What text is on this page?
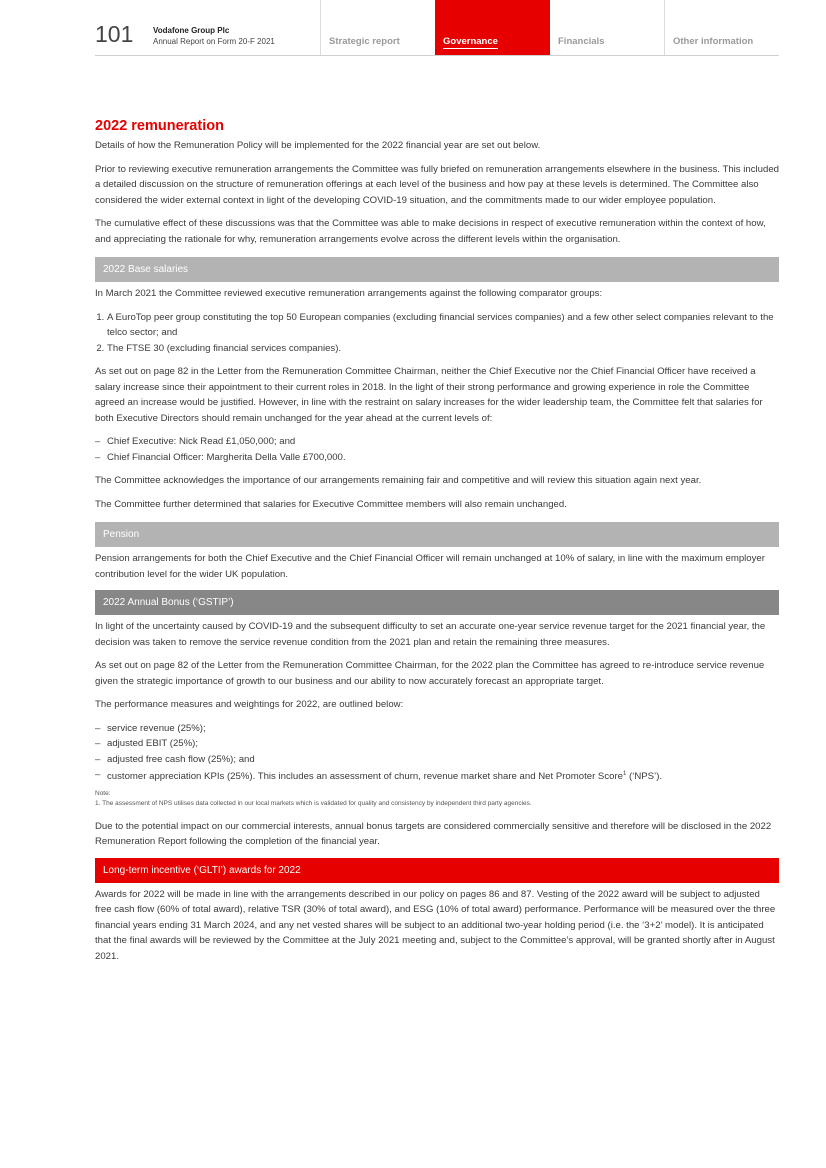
101 Vodafone Group Plc
Annual Report on Form 20-F 2021	Strategic report	Governance	Financials	Other information
2022 remuneration

Details of how the Remuneration Policy will be implemented for the 2022 financial year are set out below.

Prior to reviewing executive remuneration arrangements the Committee was fully briefed on remuneration arrangements elsewhere in the business. This included a detailed discussion on the structure of remuneration offerings at each level of the business and how pay at these levels is determined. The Committee also considered the wider external context in light of the developing COVID-19 situation, and the commitments made to our wider employee population.

The cumulative effect of these discussions was that the Committee was able to make decisions in respect of executive remuneration within the context of how, and appreciating the rationale for why, remuneration arrangements evolve across the different levels within the organisation.

2022 Base salaries

In March 2021 the Committee reviewed executive remuneration arrangements against the following comparator groups:

1. A EuroTop peer group constituting the top 50 European companies (excluding financial services companies) and a few other select companies relevant to the telco sector; and
2. The FTSE 30 (excluding financial services companies).

As set out on page 82 in the Letter from the Remuneration Committee Chairman, neither the Chief Executive nor the Chief Financial Officer have received a salary increase since their appointment to their current roles in 2018. In the light of their strong performance and growing experience in role the Committee agreed an increase would be justified. However, in line with the restraint on salary increases for the wider leadership team, the Committee felt that salaries for both Executive Directors should remain unchanged for the year ahead at the current levels of:

– Chief Executive: Nick Read £1,050,000; and
– Chief Financial Officer: Margherita Della Valle £700,000.

The Committee acknowledges the importance of our arrangements remaining fair and competitive and will review this situation again next year.

The Committee further determined that salaries for Executive Committee members will also remain unchanged.

Pension

Pension arrangements for both the Chief Executive and the Chief Financial Officer will remain unchanged at 10% of salary, in line with the maximum employer contribution level for the wider UK population.

2022 Annual Bonus (‘GSTIP’)

In light of the uncertainty caused by COVID-19 and the subsequent difficulty to set an accurate one-year service revenue target for the 2021 financial year, the decision was taken to remove the service revenue condition from the 2021 plan and retain the remaining three measures.

As set out on page 82 of the Letter from the Remuneration Committee Chairman, for the 2022 plan the Committee has agreed to re-introduce service revenue given the strategic importance of growth to our business and our ability to now accurately forecast an appropriate target.

The performance measures and weightings for 2022, are outlined below:

– service revenue (25%);
– adjusted EBIT (25%);
– adjusted free cash flow (25%); and
– customer appreciation KPIs (25%). This includes an assessment of churn, revenue market share and Net Promoter Score$^1$ (‘NPS’).

Note:

1. The assessment of NPS utilises data collected in our local markets which is validated for quality and consistency by independent third party agencies.

Due to the potential impact on our commercial interests, annual bonus targets are considered commercially sensitive and therefore will be disclosed in the 2022 Remuneration Report following the completion of the financial year.

Long-term incentive (‘GLTI’) awards for 2022

Awards for 2022 will be made in line with the arrangements described in our policy on pages 86 and 87. Vesting of the 2022 award will be subject to adjusted free cash flow (60% of total award), relative TSR (30% of total award), and ESG (10% of total award) performance. Performance will be measured over the three financial years ending 31 March 2024, and any net vested shares will be subject to an additional two-year holding period (i.e. the ‘3+2’ model). It is anticipated that the final awards will be reviewed by the Committee at the July 2021 meeting and, subject to the Committee’s approval, will be granted shortly after in August 2021.
